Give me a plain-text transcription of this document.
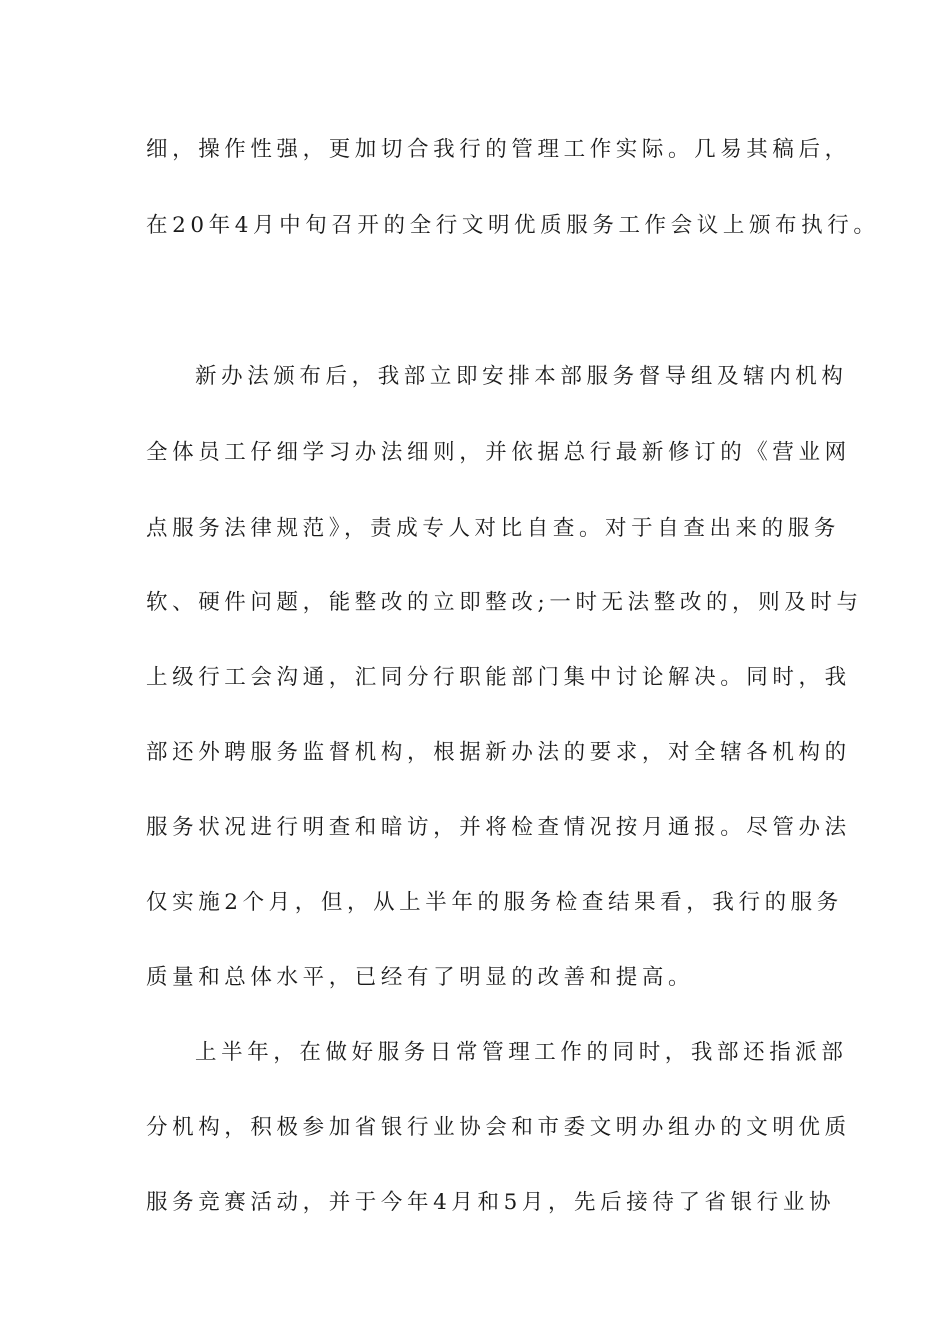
细，操作性强，更加切合我行的管理工作实际。几易其稿后，
在20年4月中旬召开的全行文明优质服务工作会议上颁布执行。
新办法颁布后，我部立即安排本部服务督导组及辖内机构
全体员工仔细学习办法细则，并依据总行最新修订的《营业网
点服务法律规范》，责成专人对比自查。对于自查出来的服务
软、硬件问题，能整改的立即整改;一时无法整改的，则及时与
上级行工会沟通，汇同分行职能部门集中讨论解决。同时，我
部还外聘服务监督机构，根据新办法的要求，对全辖各机构的
服务状况进行明查和暗访，并将检查情况按月通报。尽管办法
仅实施2个月，但，从上半年的服务检查结果看，我行的服务
质量和总体水平，已经有了明显的改善和提高。
上半年，在做好服务日常管理工作的同时，我部还指派部
分机构，积极参加省银行业协会和市委文明办组办的文明优质
服务竞赛活动，并于今年4月和5月，先后接待了省银行业协
